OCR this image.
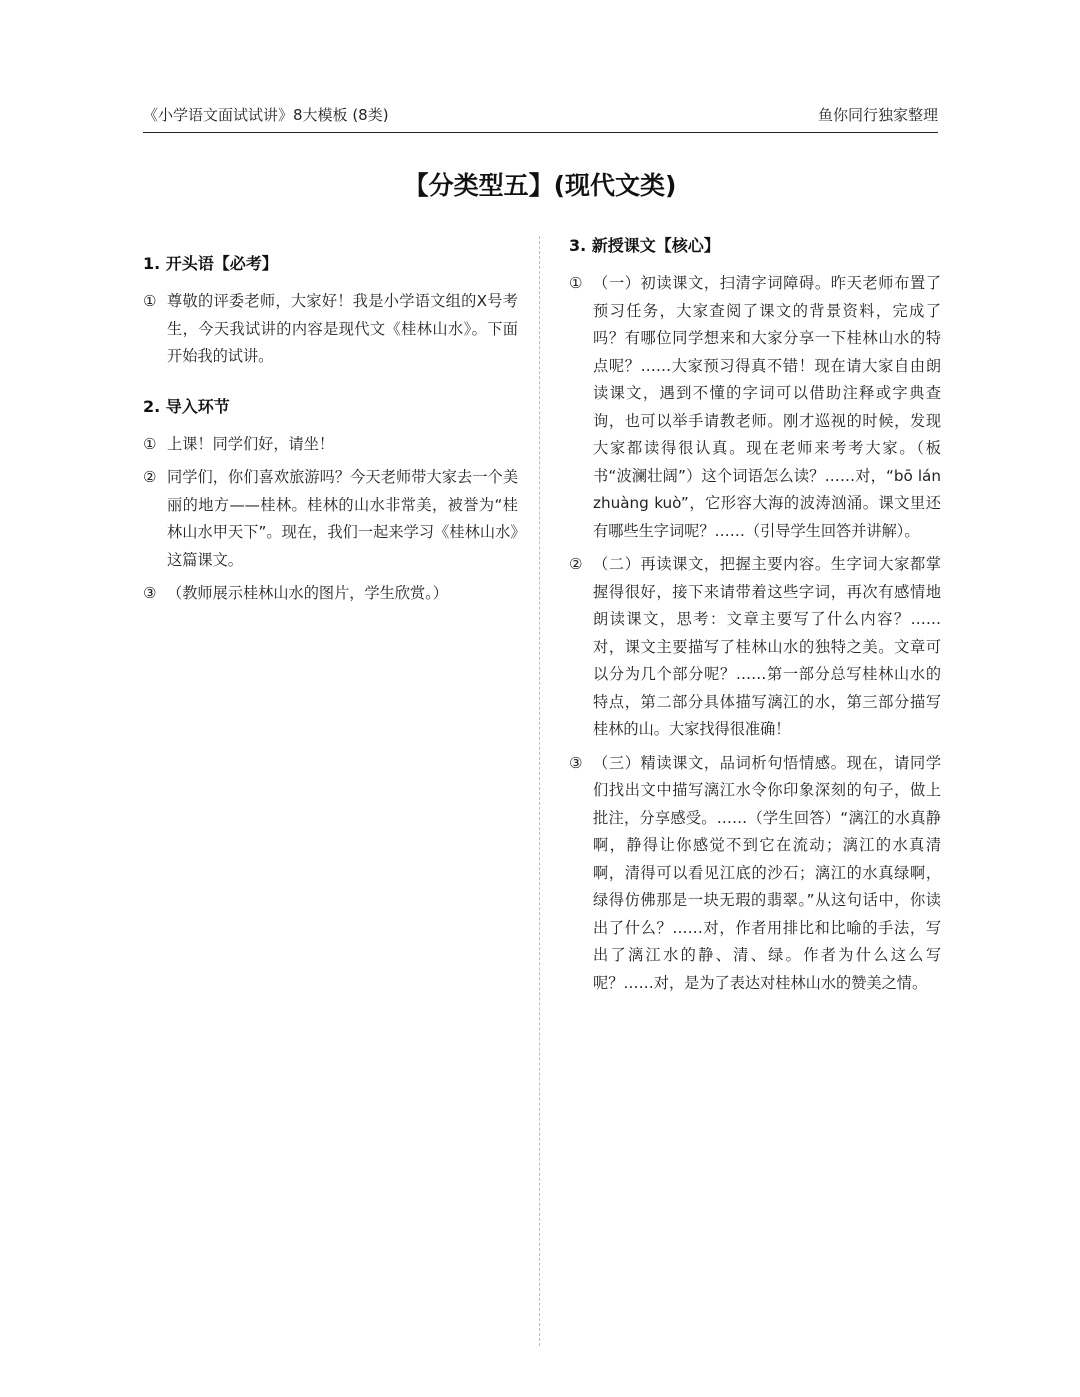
《小学语文面试试讲》8大模板 (8类)	鱼你同行独家整理
【分类型五】(现代文类)
1. 开头语【必考】
① 尊敬的评委老师，大家好！我是小学语文组的X号考生，今天我试讲的内容是现代文《桂林山水》。下面开始我的试讲。
2. 导入环节
① 上课！同学们好，请坐！
② 同学们，你们喜欢旅游吗？今天老师带大家去一个美丽的地方——桂林。桂林的山水非常美，被誉为“桂林山水甲天下”。现在，我们一起来学习《桂林山水》这篇课文。
③ （教师展示桂林山水的图片，学生欣赏。）
3. 新授课文【核心】
① （一）初读课文，扫清字词障碍。昨天老师布置了预习任务，大家查阅了课文的背景资料，完成了吗？有哪位同学想来和大家分享一下桂林山水的特点呢？……大家预习得真不错！现在请大家自由朗读课文，遇到不懂的字词可以借助注释或字典查询，也可以举手请教老师。刚才巡视的时候，发现大家都读得很认真。现在老师来考考大家。（板书“波澜壮阔”）这个词语怎么读？……对，“bō lán zhuàng kuò”，它形容大海的波涛汹涌。课文里还有哪些生字词呢？……（引导学生回答并讲解）。
② （二）再读课文，把握主要内容。生字词大家都掌握得很好，接下来请带着这些字词，再次有感情地朗读课文，思考：文章主要写了什么内容？……对，课文主要描写了桂林山水的独特之美。文章可以分为几个部分呢？……第一部分总写桂林山水的特点，第二部分具体描写漓江的水，第三部分描写桂林的山。大家找得很准确！
③ （三）精读课文，品词析句悟情感。现在，请同学们找出文中描写漓江水令你印象深刻的句子，做上批注，分享感受。……（学生回答）“漓江的水真静啊，静得让你感觉不到它在流动；漓江的水真清啊，清得可以看见江底的沙石；漓江的水真绿啊，绿得仿佛那是一块无瑕的翡翠。”从这句话中，你读出了什么？……对，作者用排比和比喻的手法，写出了漓江水的静、清、绿。作者为什么这么写呢？……对，是为了表达对桂林山水的赞美之情。
